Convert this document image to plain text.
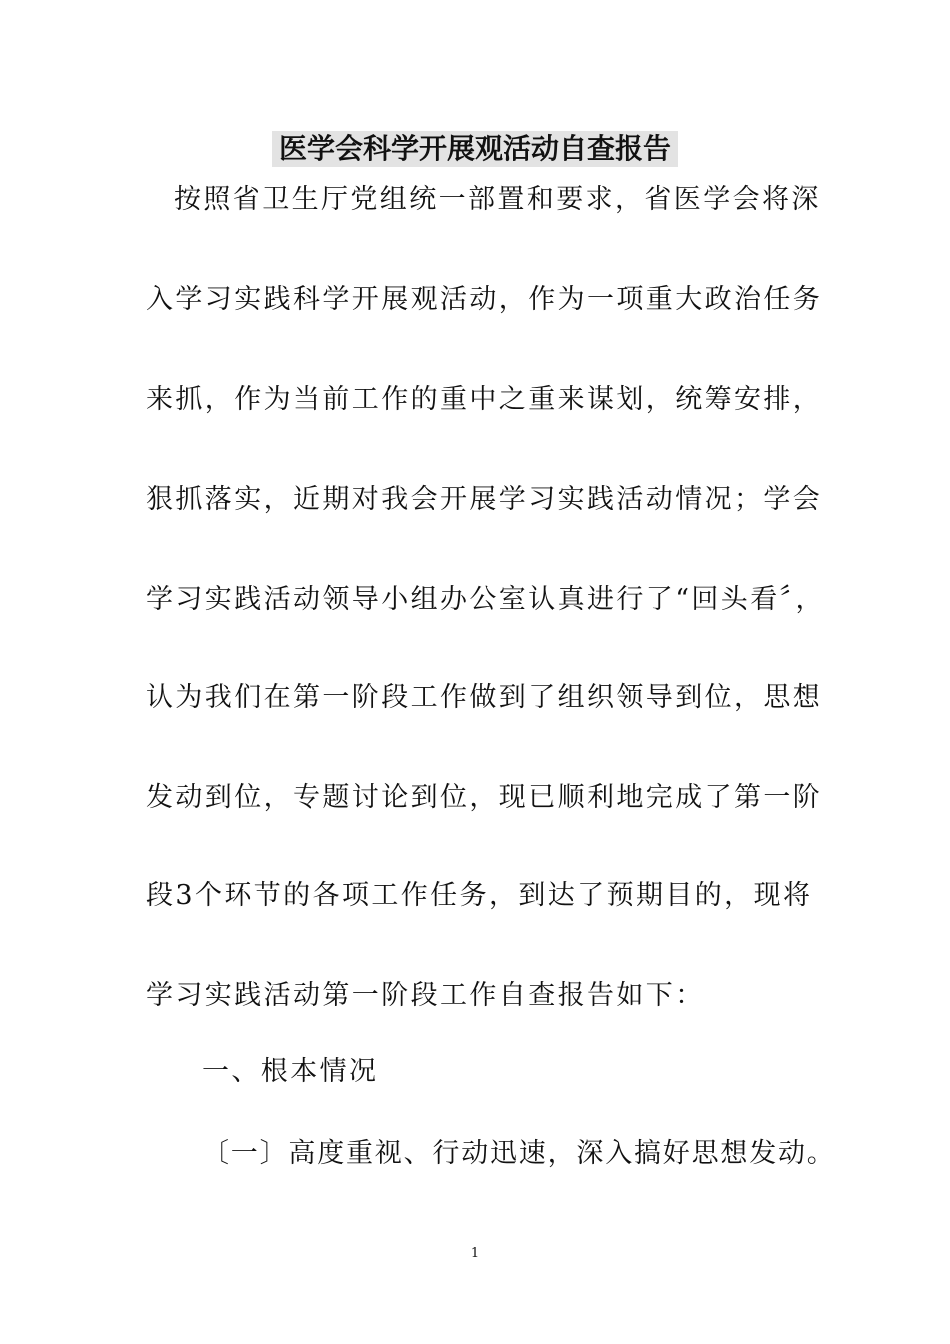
医学会科学开展观活动自查报告
按照省卫生厅党组统一部置和要求，省医学会将深
入学习实践科学开展观活动，作为一项重大政治任务
来抓，作为当前工作的重中之重来谋划，统筹安排，
狠抓落实，近期对我会开展学习实践活动情况；学会
学习实践活动领导小组办公室认真进行了“回头看〞，
认为我们在第一阶段工作做到了组织领导到位，思想
发动到位，专题讨论到位，现已顺利地完成了第一阶
段3个环节的各项工作任务，到达了预期目的，现将
学习实践活动第一阶段工作自查报告如下：
一、根本情况
〔一〕高度重视、行动迅速，深入搞好思想发动。
1
